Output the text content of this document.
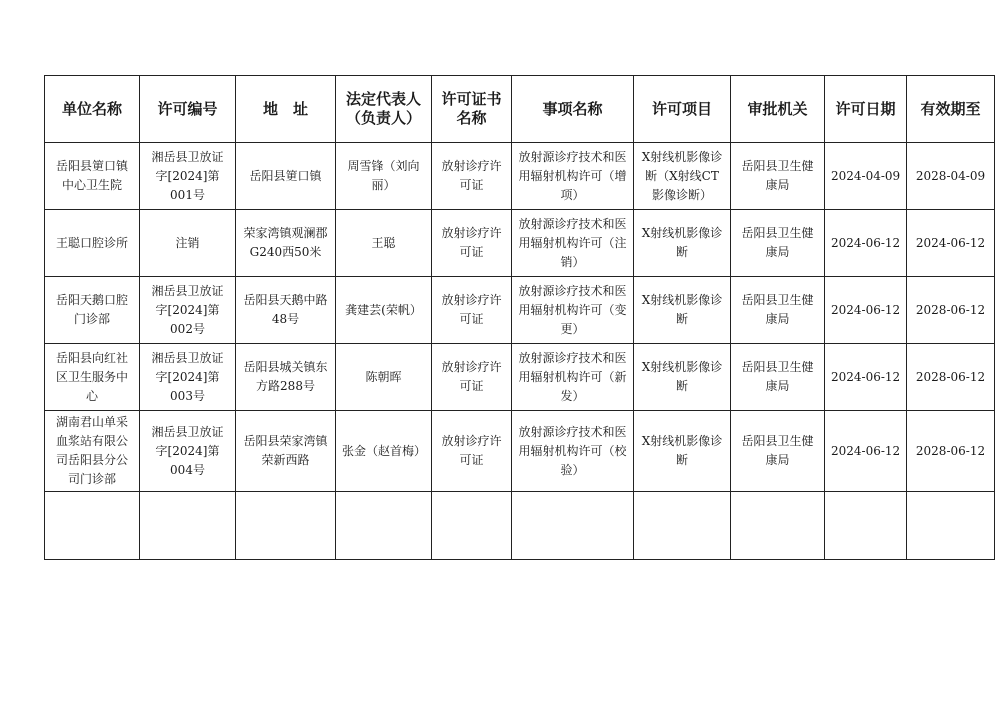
单位名称	许可编号	地　址	法定代表人（负责人）	许可证书名称	事项名称	许可项目	审批机关	许可日期	有效期至
岳阳县筻口镇中心卫生院	湘岳县卫放证字[2024]第001号	岳阳县筻口镇	周雪锋（刘向丽）	放射诊疗许可证	放射源诊疗技术和医用辐射机构许可（增项）	X射线机影像诊断（X射线CT影像诊断）	岳阳县卫生健康局	2024-04-09	2028-04-09
王聪口腔诊所	注销	荣家湾镇观澜郡G240西50米	王聪	放射诊疗许可证	放射源诊疗技术和医用辐射机构许可（注销）	X射线机影像诊断	岳阳县卫生健康局	2024-06-12	2024-06-12
岳阳天鹅口腔门诊部	湘岳县卫放证字[2024]第002号	岳阳县天鹅中路48号	龚建芸(荣帆）	放射诊疗许可证	放射源诊疗技术和医用辐射机构许可（变更）	X射线机影像诊断	岳阳县卫生健康局	2024-06-12	2028-06-12
岳阳县向红社区卫生服务中心	湘岳县卫放证字[2024]第003号	岳阳县城关镇东方路288号	陈朝晖	放射诊疗许可证	放射源诊疗技术和医用辐射机构许可（新发）	X射线机影像诊断	岳阳县卫生健康局	2024-06-12	2028-06-12
湖南君山单采血浆站有限公司岳阳县分公司门诊部	湘岳县卫放证字[2024]第004号	岳阳县荣家湾镇荣新西路	张金（赵首梅）	放射诊疗许可证	放射源诊疗技术和医用辐射机构许可（校验）	X射线机影像诊断	岳阳县卫生健康局	2024-06-12	2028-06-12
